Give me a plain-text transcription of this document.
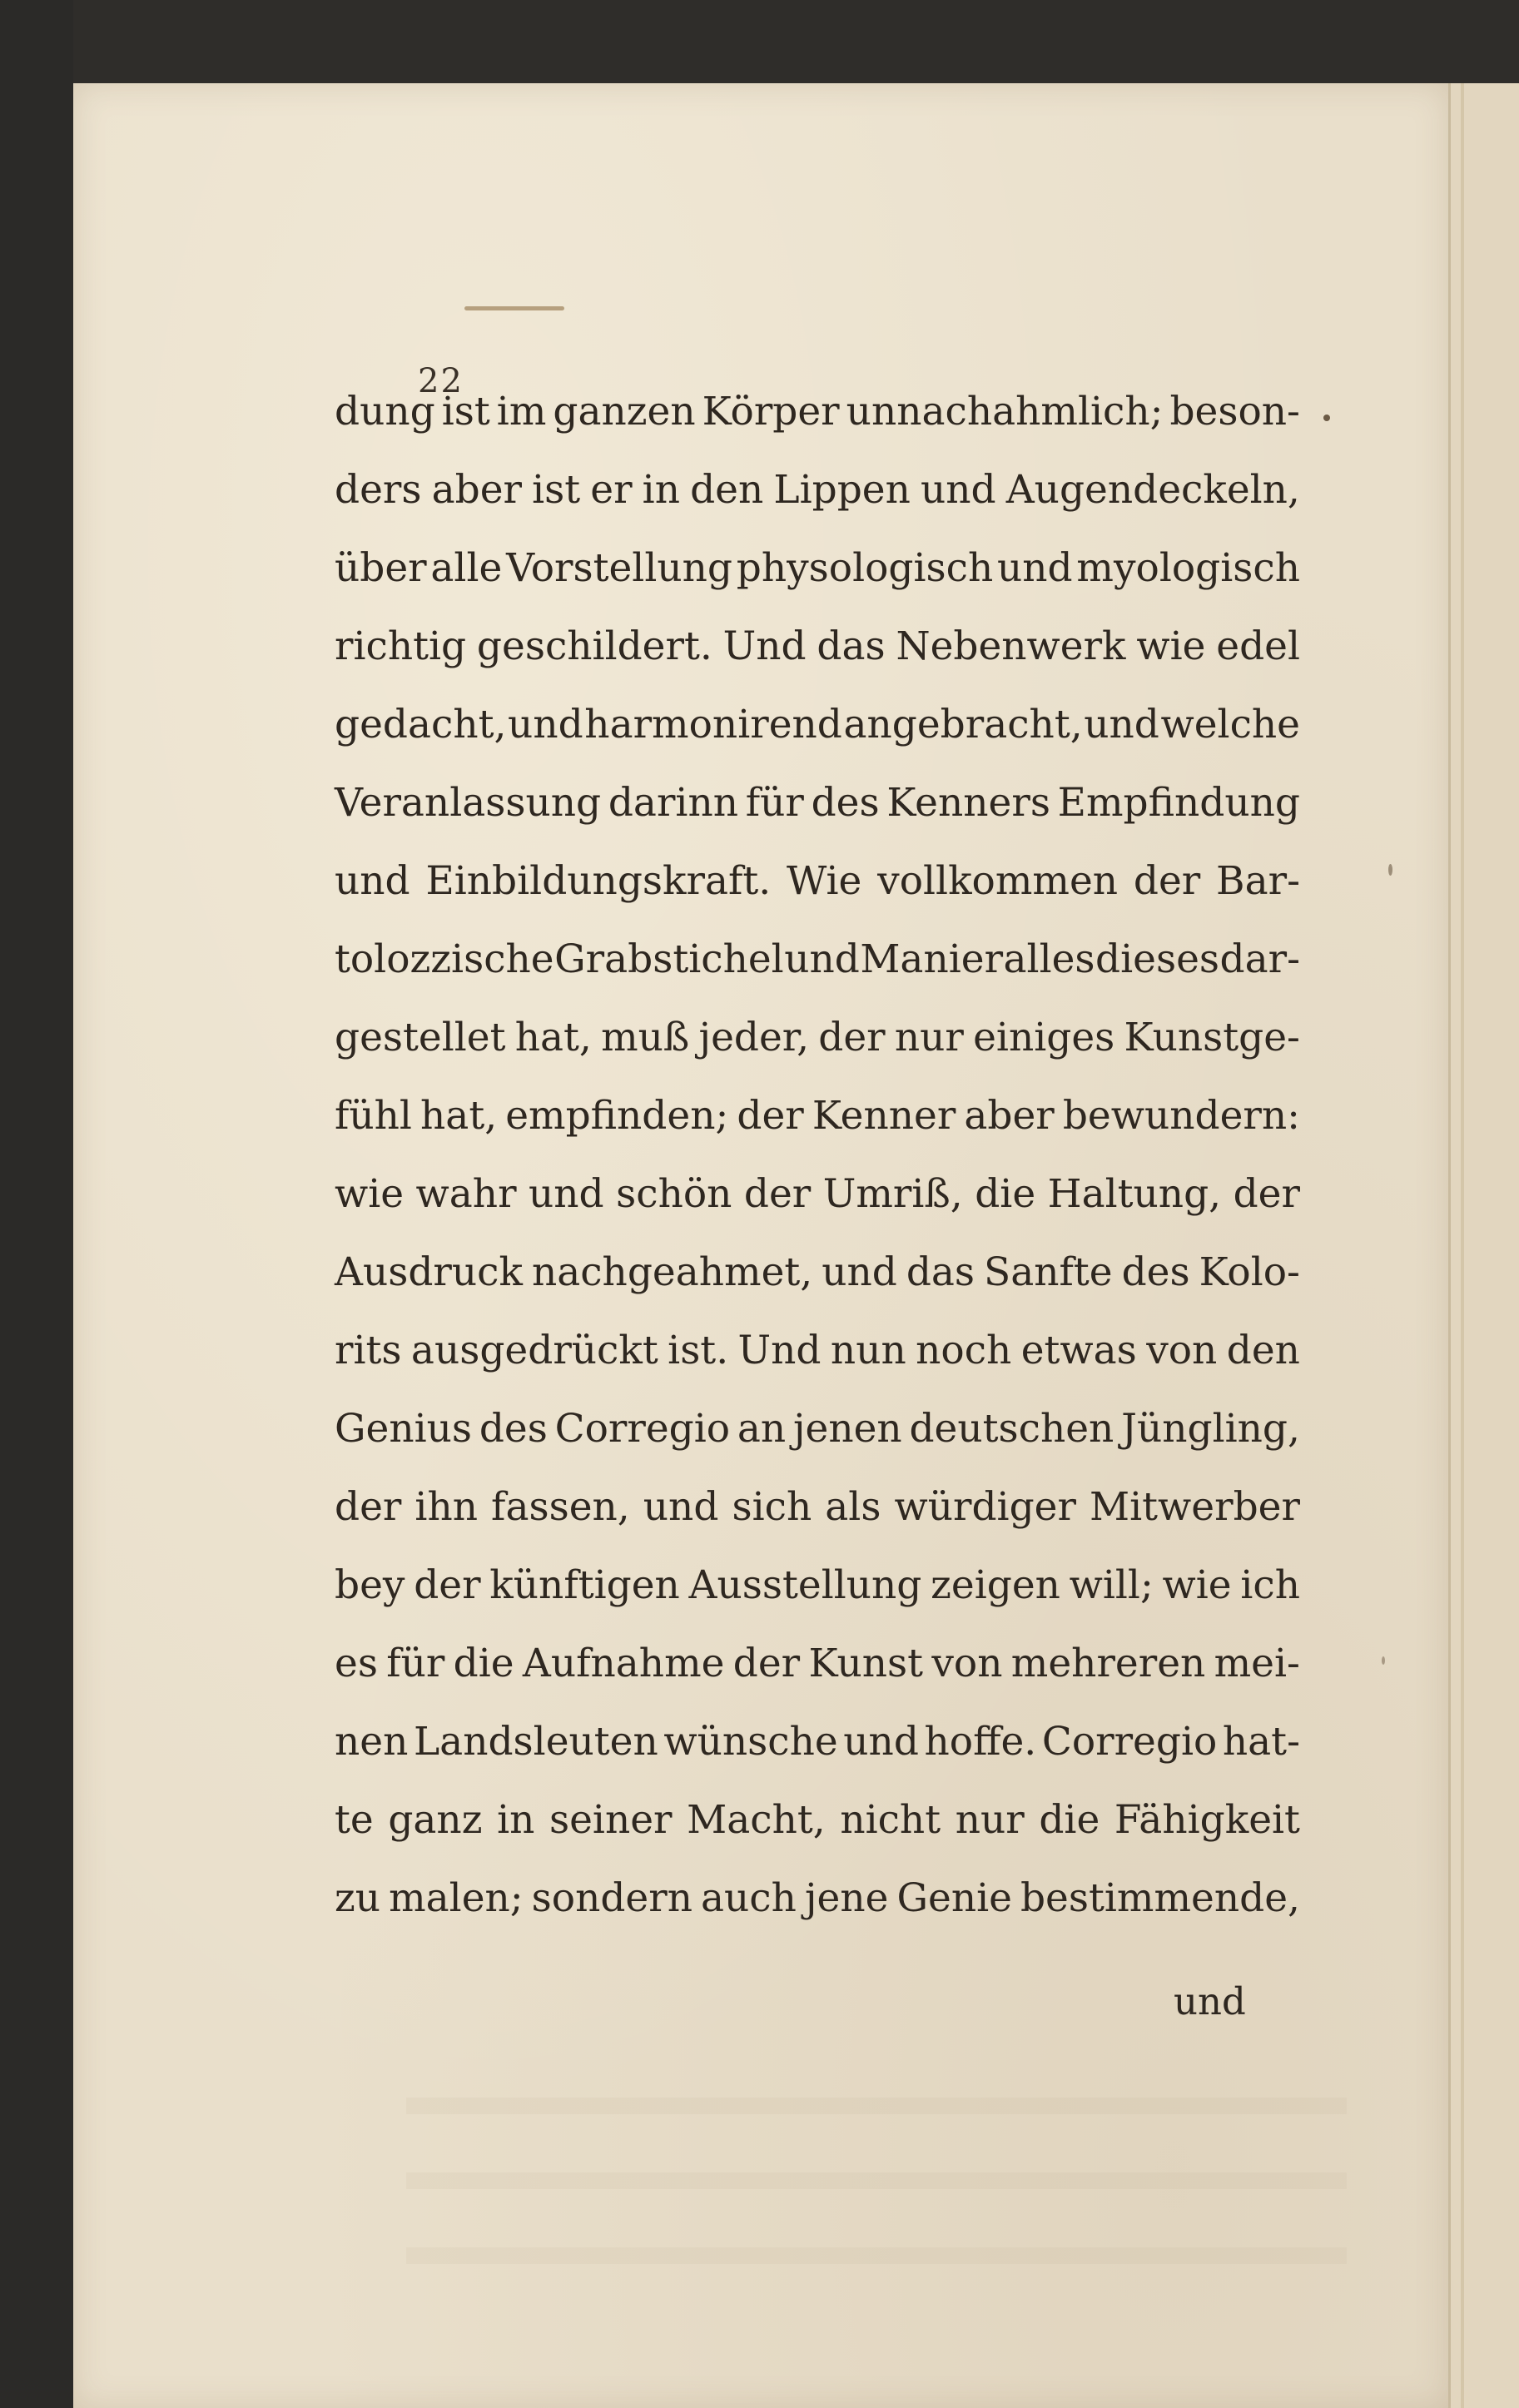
22
dung ist im ganzen Körper unnachahmlich; beson-
ders aber ist er in den Lippen und Augendeckeln,
über alle Vorstellung physologisch und myologisch
richtig geschildert. Und das Nebenwerk wie edel
gedacht, und harmonirend angebracht, und welche
Veranlassung darinn für des Kenners Empfindung
und Einbildungskraft. Wie vollkommen der Bar-
tolozzische Grabstichel und Manier alles dieses dar-
gestellet hat, muß jeder, der nur einiges Kunstge-
fühl hat, empfinden; der Kenner aber bewundern:
wie wahr und schön der Umriß, die Haltung, der
Ausdruck nachgeahmet, und das Sanfte des Kolo-
rits ausgedrückt ist. Und nun noch etwas von den
Genius des Corregio an jenen deutschen Jüngling,
der ihn fassen, und sich als würdiger Mitwerber
bey der künftigen Ausstellung zeigen will; wie ich
es für die Aufnahme der Kunst von mehreren mei-
nen Landsleuten wünsche und hoffe. Corregio hat-
te ganz in seiner Macht, nicht nur die Fähigkeit
zu malen; sondern auch jene Genie bestimmende,
und
